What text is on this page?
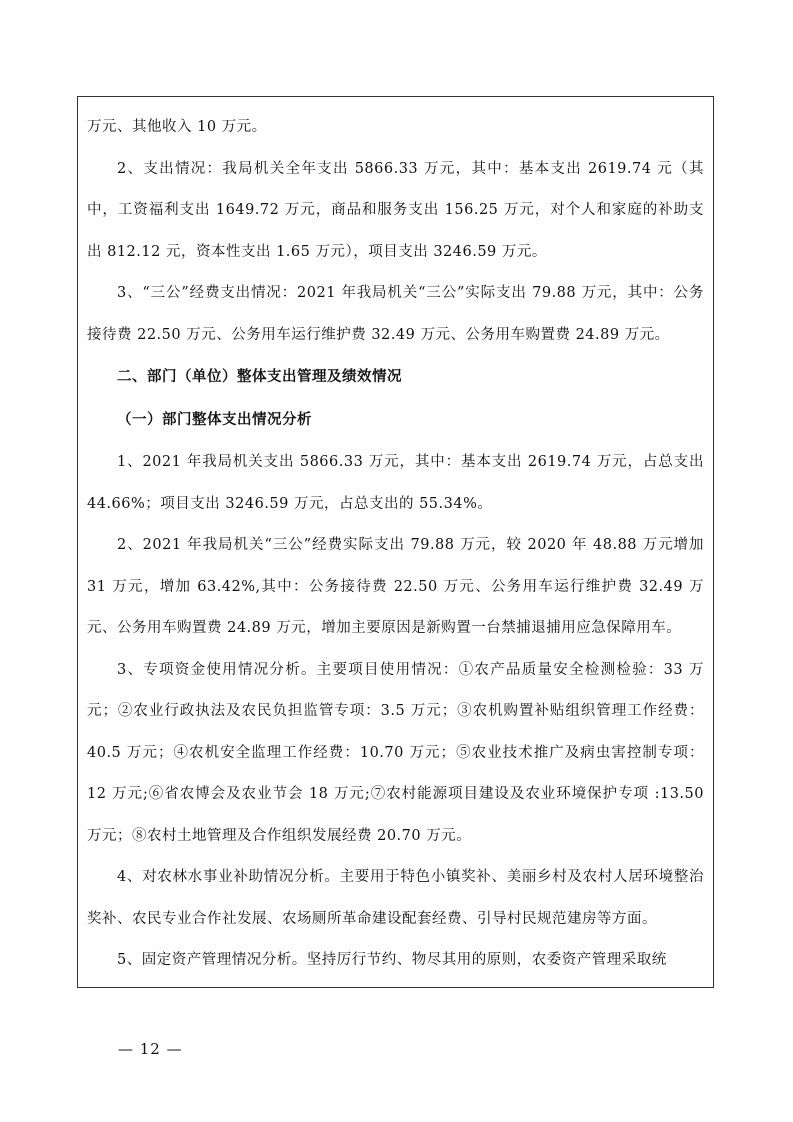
万元、其他收入 10 万元。

2、支出情况：我局机关全年支出 5866.33 万元，其中：基本支出 2619.74 元（其中，工资福利支出 1649.72 万元，商品和服务支出 156.25 万元，对个人和家庭的补助支出 812.12 元，资本性支出 1.65 万元），项目支出 3246.59 万元。

3、“三公”经费支出情况：2021 年我局机关“三公”实际支出 79.88 万元，其中：公务接待费 22.50 万元、公务用车运行维护费 32.49 万元、公务用车购置费 24.89 万元。

二、部门（单位）整体支出管理及绩效情况

（一）部门整体支出情况分析

1、2021 年我局机关支出 5866.33 万元，其中：基本支出 2619.74 万元，占总支出 44.66%；项目支出 3246.59 万元，占总支出的 55.34%。

2、2021 年我局机关“三公”经费实际支出 79.88 万元，较 2020 年 48.88 万元增加 31 万元，增加 63.42%,其中：公务接待费 22.50 万元、公务用车运行维护费 32.49 万元、公务用车购置费 24.89 万元，增加主要原因是新购置一台禁捕退捕用应急保障用车。

3、专项资金使用情况分析。主要项目使用情况：①农产品质量安全检测检验：33 万元；②农业行政执法及农民负担监管专项：3.5 万元；③农机购置补贴组织管理工作经费：40.5 万元；④农机安全监理工作经费：10.70 万元；⑤农业技术推广及病虫害控制专项：12 万元;⑥省农博会及农业节会 18 万元;⑦农村能源项目建设及农业环境保护专项 :13.50 万元；⑧农村土地管理及合作组织发展经费 20.70 万元。

4、对农林水事业补助情况分析。主要用于特色小镇奖补、美丽乡村及农村人居环境整治奖补、农民专业合作社发展、农场厕所革命建设配套经费、引导村民规范建房等方面。

5、固定资产管理情况分析。坚持厉行节约、物尽其用的原则，农委资产管理采取统

— 12 —
